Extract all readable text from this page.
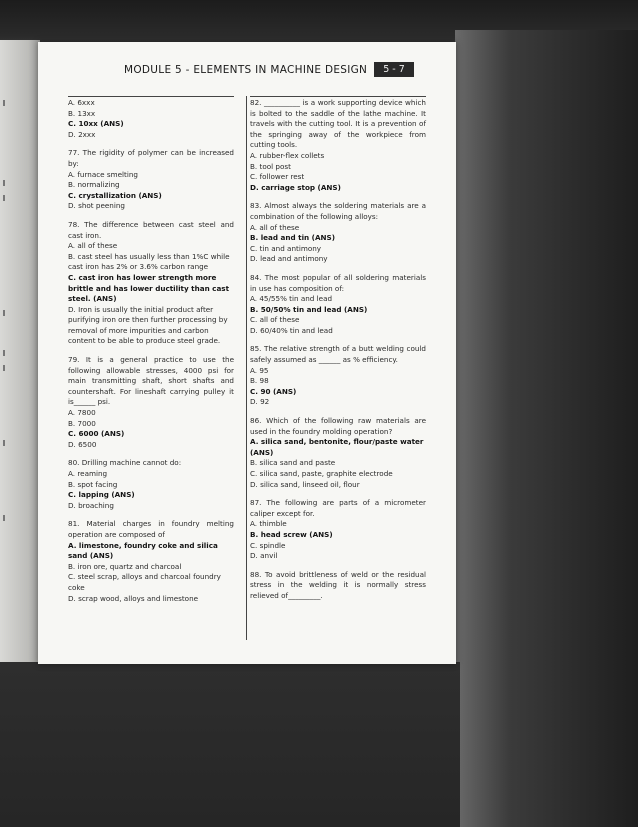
MODULE 5 - ELEMENTS IN MACHINE DESIGN	5 - 7

A. 6xxx

B. 13xx

C. 10xx (ANS)

D. 2xxx

77. The rigidity of polymer can be increased by:

A. furnace smelting

B. normalizing

C. crystallization (ANS)

D. shot peening

78. The difference between cast steel and cast iron.

A. all of these

B. cast steel has usually less than 1%C while cast iron has 2% or 3.6% carbon range

C. cast iron has lower strength more brittle and has lower ductility than cast steel. (ANS)

D. Iron is usually the initial product after purifying iron ore then further processing by removal of more impurities and carbon content to be able to produce steel grade.

79. It is a general practice to use the following allowable stresses, 4000 psi for main transmitting shaft, short shafts and countershaft. For lineshaft carrying pulley it is______ psi.

A. 7800

B. 7000

C. 6000 (ANS)

D. 6500

80. Drilling machine cannot do:

A. reaming

B. spot facing

C. lapping (ANS)

D. broaching

81. Material charges in foundry melting operation are composed of

A. limestone, foundry coke and silica sand (ANS)

B. iron ore, quartz and charcoal

C. steel scrap, alloys and charcoal foundry coke

D. scrap wood, alloys and limestone

82. __________ is a work supporting device which is bolted to the saddle of the lathe machine. It travels with the cutting tool. It is a prevention of the springing away of the workpiece from cutting tools.

A. rubber-flex collets

B. tool post

C. follower rest

D. carriage stop (ANS)

83. Almost always the soldering materials are a combination of the following alloys:

A. all of these

B. lead and tin (ANS)

C. tin and antimony

D. lead and antimony

84. The most popular of all soldering materials in use has composition of:

A. 45/55% tin and lead

B. 50/50% tin and lead (ANS)

C. all of these

D. 60/40% tin and lead

85. The relative strength of a butt welding could safely assumed as ______ as % efficiency.

A. 95

B. 98

C. 90 (ANS)

D. 92

86. Which of the following raw materials are used in the foundry molding operation?

A. silica sand, bentonite, flour/paste water (ANS)

B. silica sand and paste

C. silica sand, paste, graphite electrode

D. silica sand, linseed oil, flour

87. The following are parts of a micrometer caliper except for.

A. thimble

B. head screw (ANS)

C. spindle

D. anvil

88. To avoid brittleness of weld or the residual stress in the welding it is normally stress relieved of_________.
